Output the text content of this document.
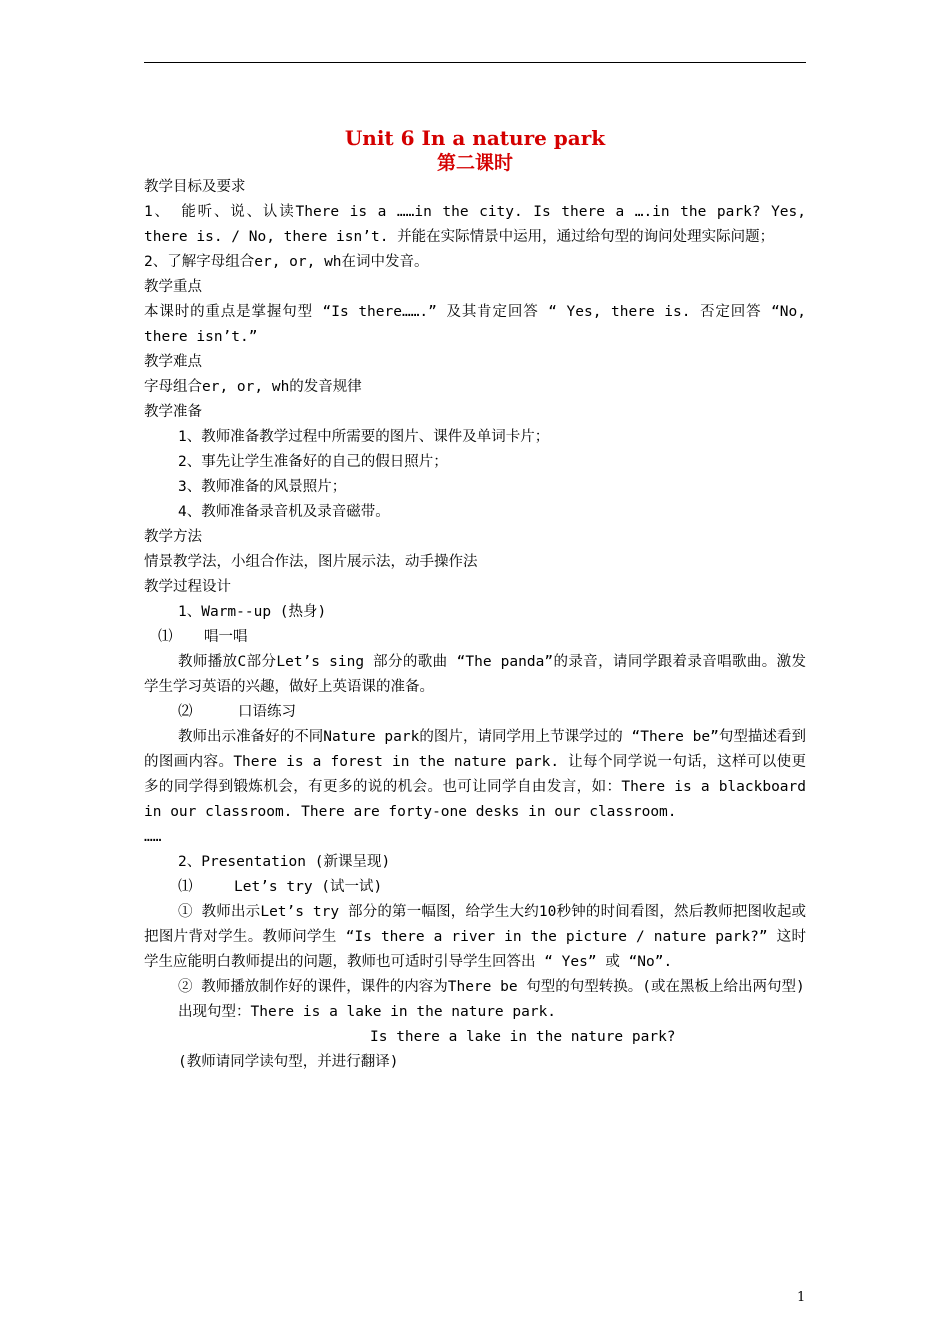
Unit 6 In a nature park
第二课时

教学目标及要求

1、 能听、说、认读There is a ……in the city. Is there a ….in the park? Yes, there is. / No, there isn’t. 并能在实际情景中运用，通过给句型的询问处理实际问题；

2、了解字母组合er, or, wh在词中发音。

教学重点

本课时的重点是掌握句型 “Is there…….” 及其肯定回答 “ Yes, there is. 否定回答 “No, there isn’t.”

教学难点

字母组合er, or, wh的发音规律

教学准备

1、教师准备教学过程中所需要的图片、课件及单词卡片；

2、事先让学生准备好的自己的假日照片；

3、教师准备的风景照片；

4、教师准备录音机及录音磁带。

教学方法

情景教学法，小组合作法，图片展示法，动手操作法

教学过程设计

1、Warm--up (热身)

⑴ 唱一唱

教师播放C部分Let’s sing 部分的歌曲 “The panda”的录音，请同学跟着录音唱歌曲。激发学生学习英语的兴趣，做好上英语课的准备。

⑵	口语练习

教师出示准备好的不同Nature park的图片，请同学用上节课学过的 “There be”句型描述看到的图画内容。There is a forest in the nature park. 让每个同学说一句话，这样可以使更多的同学得到锻炼机会，有更多的说的机会。也可让同学自由发言，如：There is a blackboard in our classroom. There are forty-one desks in our classroom.

……

2、Presentation (新课呈现)

⑴	Let’s try (试一试)

① 教师出示Let’s try 部分的第一幅图，给学生大约10秒钟的时间看图，然后教师把图收起或把图片背对学生。教师问学生 “Is there a river in the picture / nature park?” 这时学生应能明白教师提出的问题，教师也可适时引导学生回答出 “ Yes” 或 “No”.

② 教师播放制作好的课件，课件的内容为There be 句型的句型转换。(或在黑板上给出两句型)

出现句型：There is a lake in the nature park.

Is there a lake in the nature park?

(教师请同学读句型，并进行翻译)

1
